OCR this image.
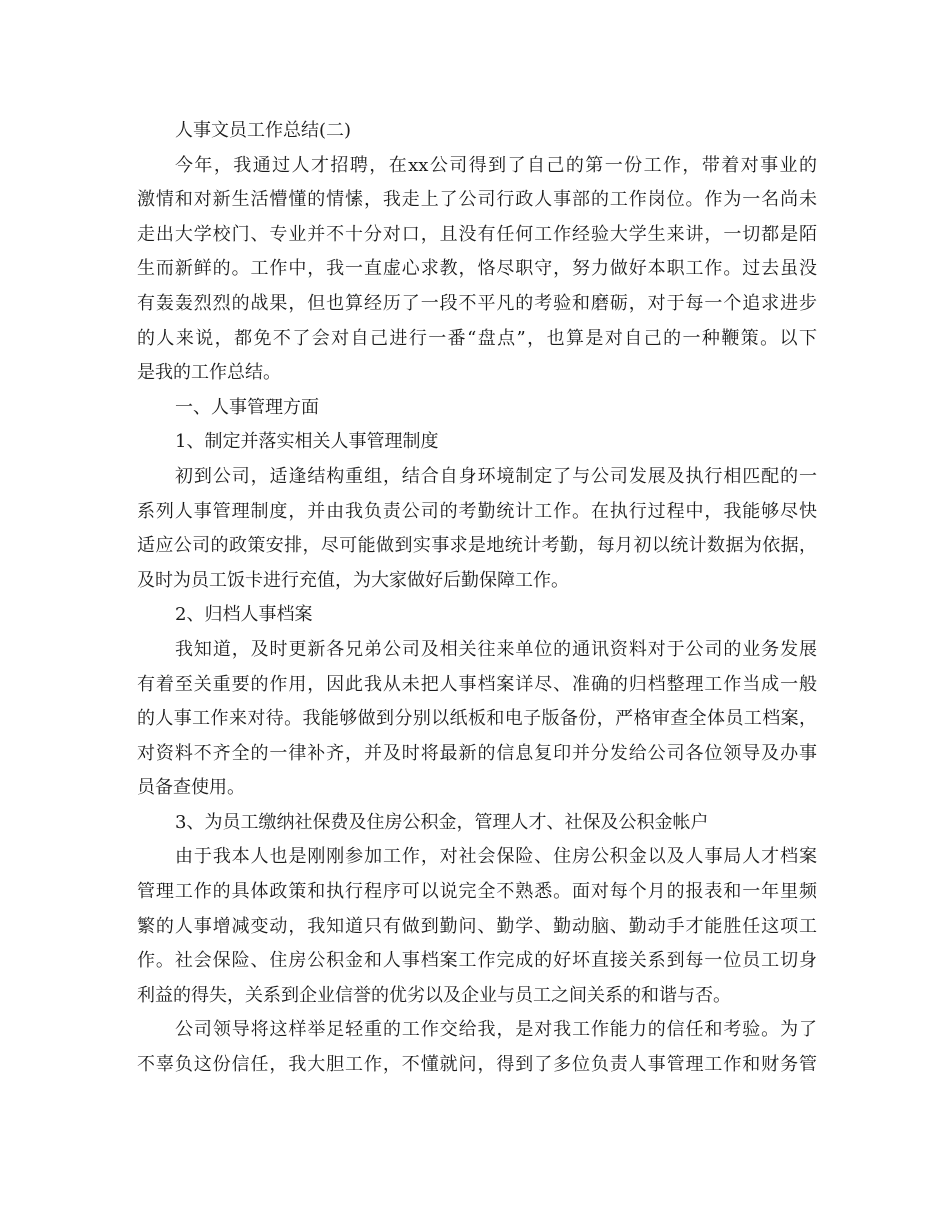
人事文员工作总结(二)
今年，我通过人才招聘，在xx公司得到了自己的第一份工作，带着对事业的
激情和对新生活懵懂的情愫，我走上了公司行政人事部的工作岗位。作为一名尚未
走出大学校门、专业并不十分对口，且没有任何工作经验大学生来讲，一切都是陌
生而新鲜的。工作中，我一直虚心求教，恪尽职守，努力做好本职工作。过去虽没
有轰轰烈烈的战果，但也算经历了一段不平凡的考验和磨砺，对于每一个追求进步
的人来说，都免不了会对自己进行一番“盘点”，也算是对自己的一种鞭策。以下
是我的工作总结。
一、人事管理方面
1、制定并落实相关人事管理制度
初到公司，适逢结构重组，结合自身环境制定了与公司发展及执行相匹配的一
系列人事管理制度，并由我负责公司的考勤统计工作。在执行过程中，我能够尽快
适应公司的政策安排，尽可能做到实事求是地统计考勤，每月初以统计数据为依据，
及时为员工饭卡进行充值，为大家做好后勤保障工作。
2、归档人事档案
我知道，及时更新各兄弟公司及相关往来单位的通讯资料对于公司的业务发展
有着至关重要的作用，因此我从未把人事档案详尽、准确的归档整理工作当成一般
的人事工作来对待。我能够做到分别以纸板和电子版备份，严格审查全体员工档案，
对资料不齐全的一律补齐，并及时将最新的信息复印并分发给公司各位领导及办事
员备查使用。
3、为员工缴纳社保费及住房公积金，管理人才、社保及公积金帐户
由于我本人也是刚刚参加工作，对社会保险、住房公积金以及人事局人才档案
管理工作的具体政策和执行程序可以说完全不熟悉。面对每个月的报表和一年里频
繁的人事增减变动，我知道只有做到勤问、勤学、勤动脑、勤动手才能胜任这项工
作。社会保险、住房公积金和人事档案工作完成的好坏直接关系到每一位员工切身
利益的得失，关系到企业信誉的优劣以及企业与员工之间关系的和谐与否。
公司领导将这样举足轻重的工作交给我，是对我工作能力的信任和考验。为了
不辜负这份信任，我大胆工作，不懂就问，得到了多位负责人事管理工作和财务管
